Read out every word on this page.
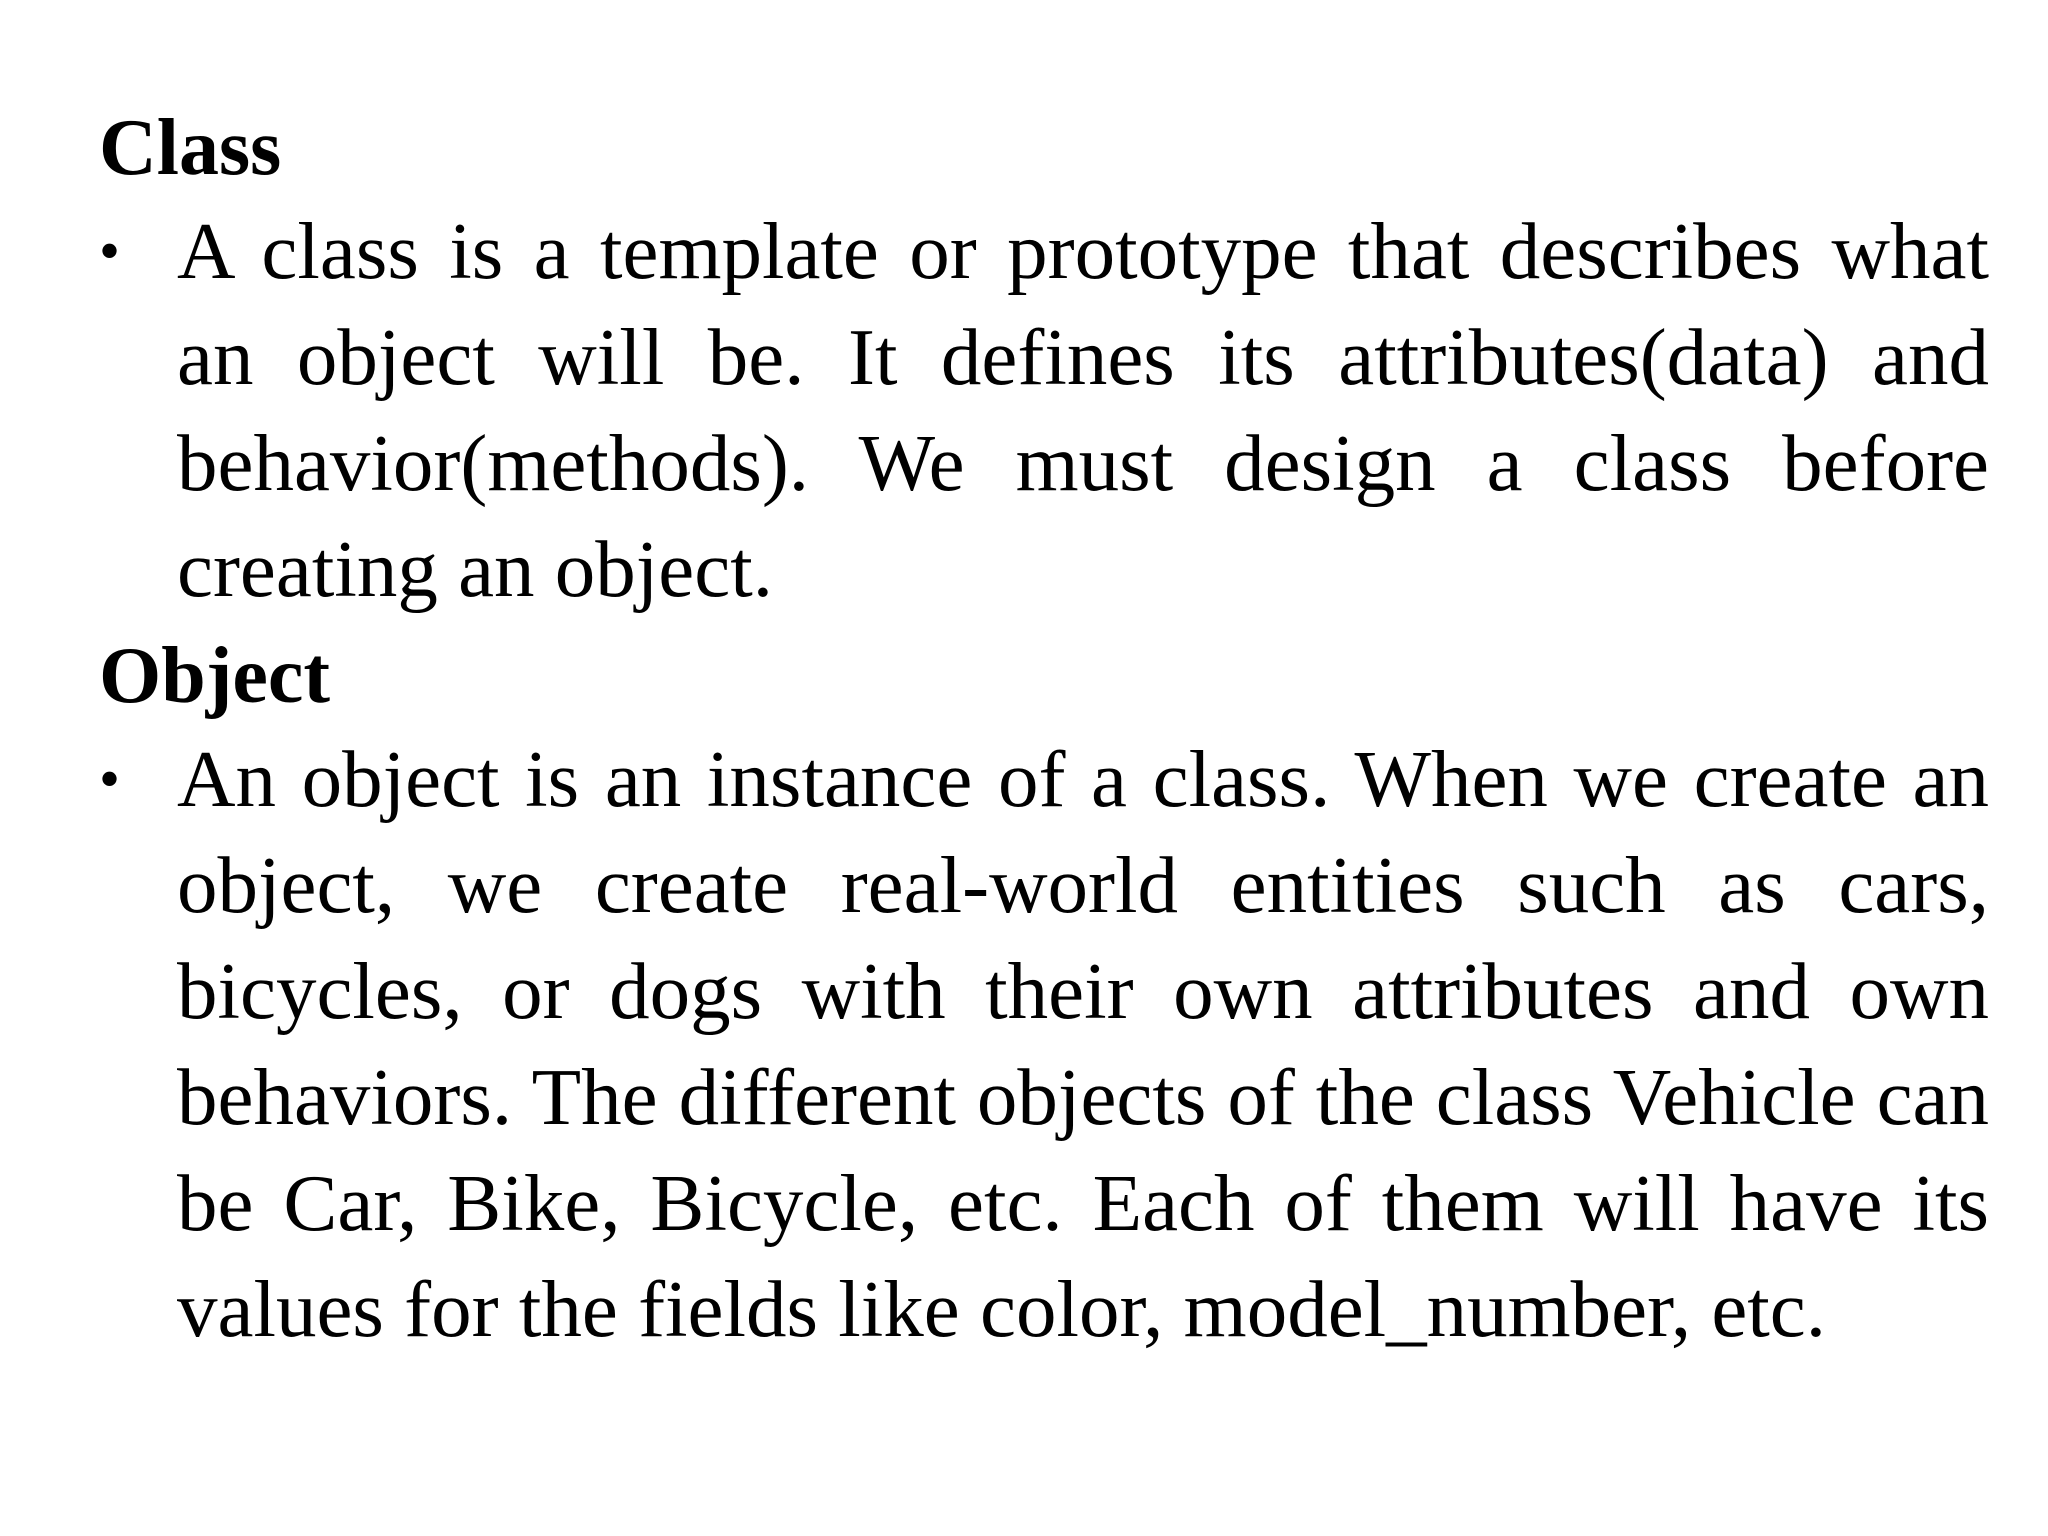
Class
• A class is a template or prototype that describes what an object will be. It defines its attributes(data) and behavior(methods). We must design a class before creating an object.
Object
• An object is an instance of a class. When we create an object, we create real-world entities such as cars, bicycles, or dogs with their own attributes and own behaviors. The different objects of the class Vehicle can be Car, Bike, Bicycle, etc. Each of them will have its values for the fields like color, model_number, etc.
